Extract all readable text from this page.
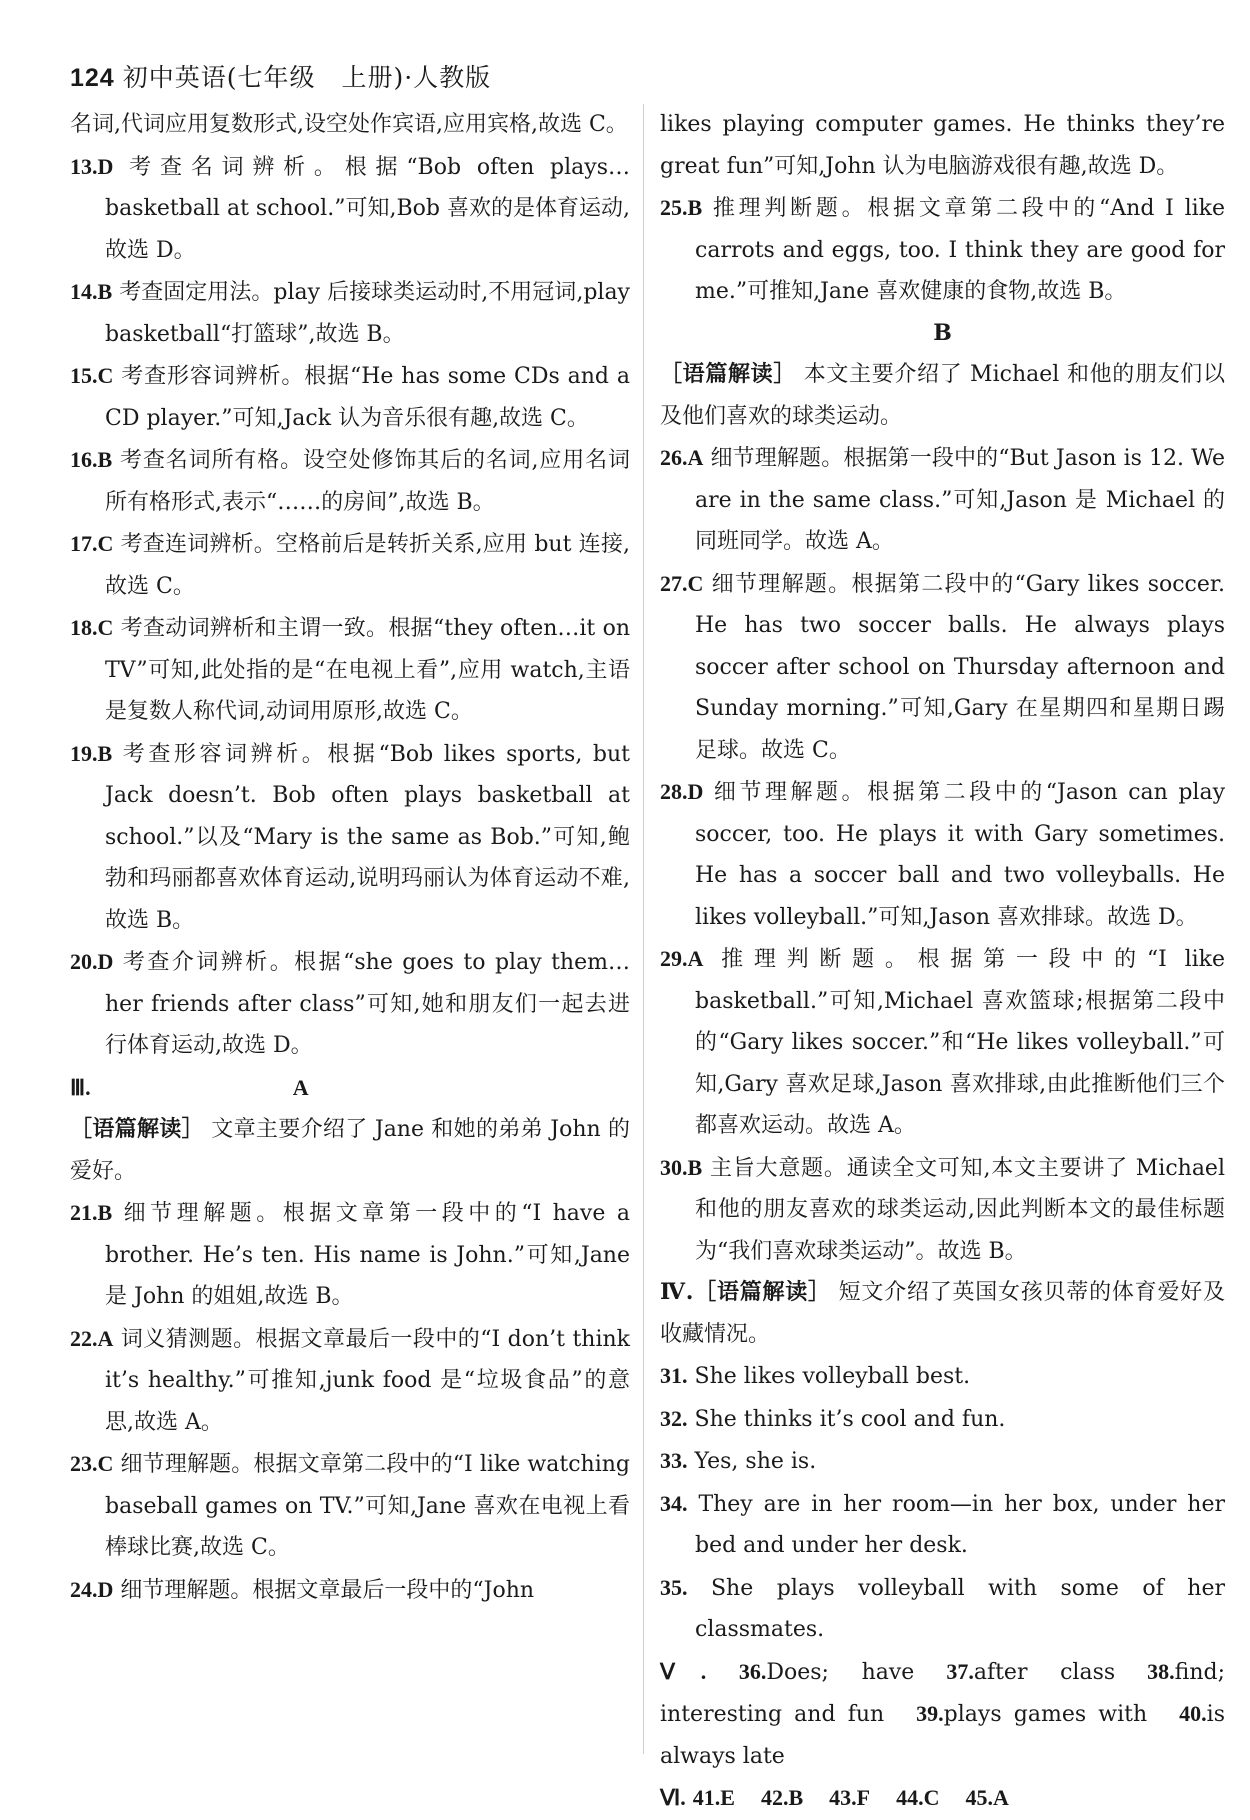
124 初中英语(七年级　上册)·人教版
名词,代词应用复数形式,设空处作宾语,应用宾格,故选 C。
13.D 考查名词辨析。根据“Bob often plays… basketball at school.”可知,Bob 喜欢的是体育运动,故选 D。
14.B 考查固定用法。play 后接球类运动时,不用冠词,play basketball“打篮球”,故选 B。
15.C 考查形容词辨析。根据“He has some CDs and a CD player.”可知,Jack 认为音乐很有趣,故选 C。
16.B 考查名词所有格。设空处修饰其后的名词,应用名词所有格形式,表示“……的房间”,故选 B。
17.C 考查连词辨析。空格前后是转折关系,应用 but 连接,故选 C。
18.C 考查动词辨析和主谓一致。根据“they often…it on TV”可知,此处指的是“在电视上看”,应用 watch,主语是复数人称代词,动词用原形,故选 C。
19.B 考查形容词辨析。根据“Bob likes sports, but Jack doesn’t. Bob often plays basketball at school.”以及“Mary is the same as Bob.”可知,鲍勃和玛丽都喜欢体育运动,说明玛丽认为体育运动不难,故选 B。
20.D 考查介词辨析。根据“she goes to play them… her friends after class”可知,她和朋友们一起去进行体育运动,故选 D。
Ⅲ.	A
［语篇解读］ 文章主要介绍了 Jane 和她的弟弟 John 的爱好。
21.B 细节理解题。根据文章第一段中的“I have a brother. He’s ten. His name is John.”可知,Jane 是 John 的姐姐,故选 B。
22.A 词义猜测题。根据文章最后一段中的“I don’t think it’s healthy.”可推知,junk food 是“垃圾食品”的意思,故选 A。
23.C 细节理解题。根据文章第二段中的“I like watching baseball games on TV.”可知,Jane 喜欢在电视上看棒球比赛,故选 C。
24.D 细节理解题。根据文章最后一段中的“John
likes playing computer games. He thinks they’re great fun”可知,John 认为电脑游戏很有趣,故选 D。
25.B 推理判断题。根据文章第二段中的“And I like carrots and eggs, too. I think they are good for me.”可推知,Jane 喜欢健康的食物,故选 B。
B
［语篇解读］ 本文主要介绍了 Michael 和他的朋友们以及他们喜欢的球类运动。
26.A 细节理解题。根据第一段中的“But Jason is 12. We are in the same class.”可知,Jason 是 Michael 的同班同学。故选 A。
27.C 细节理解题。根据第二段中的“Gary likes soccer. He has two soccer balls. He always plays soccer after school on Thursday afternoon and Sunday morning.”可知,Gary 在星期四和星期日踢足球。故选 C。
28.D 细节理解题。根据第二段中的“Jason can play soccer, too. He plays it with Gary sometimes. He has a soccer ball and two volleyballs. He likes volleyball.”可知,Jason 喜欢排球。故选 D。
29.A 推理判断题。根据第一段中的“I like basketball.”可知,Michael 喜欢篮球;根据第二段中的“Gary likes soccer.”和“He likes volleyball.”可知,Gary 喜欢足球,Jason 喜欢排球,由此推断他们三个都喜欢运动。故选 A。
30.B 主旨大意题。通读全文可知,本文主要讲了 Michael 和他的朋友喜欢的球类运动,因此判断本文的最佳标题为“我们喜欢球类运动”。故选 B。
Ⅳ.［语篇解读］ 短文介绍了英国女孩贝蒂的体育爱好及收藏情况。
31. She likes volleyball best.
32. She thinks it’s cool and fun.
33. Yes, she is.
34. They are in her room—in her box, under her bed and under her desk.
35. She plays volleyball with some of her classmates.
Ⅴ. 36.Does; have 37.after class 38.find; interesting and fun 39.plays games with 40.is always late
Ⅵ. 41.E 42.B 43.F 44.C 45.A
